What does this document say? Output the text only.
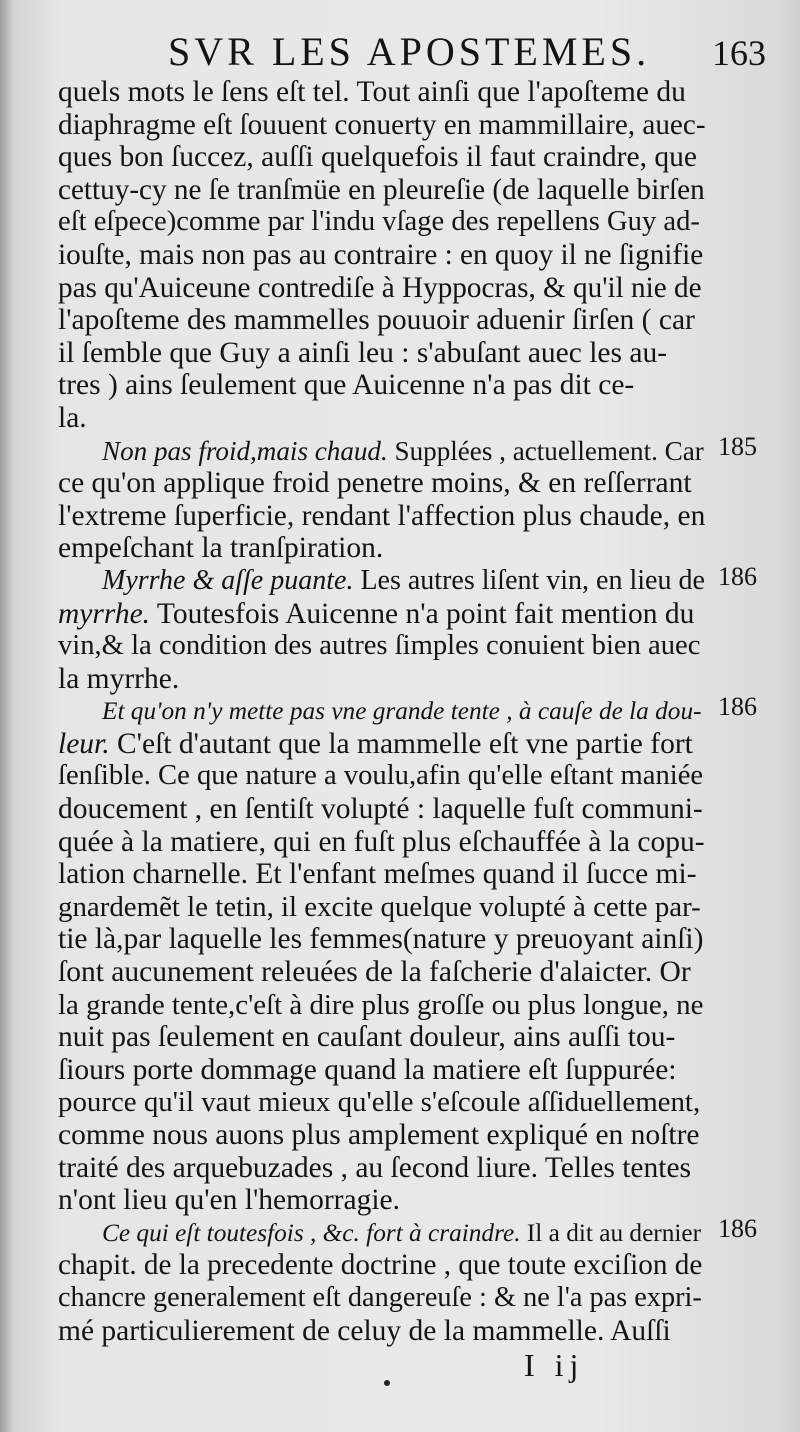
SVR LES APOSTEMES. 163
quels mots le ſens eſt tel. Tout ainſi que l'apoſteme du
diaphragme eſt ſouuent conuerty en mammillaire, auec-
ques bon ſuccez, auſſi quelquefois il faut craindre, que
cettuy-cy ne ſe tranſmüe en pleureſie (de laquelle birſen
eſt eſpece)comme par l'indu vſage des repellens Guy ad-
iouſte, mais non pas au contraire : en quoy il ne ſignifie
pas qu'Auiceune contrediſe à Hyppocras, & qu'il nie de
l'apoſteme des mammelles pouuoir aduenir ſirſen ( car
il ſemble que Guy a ainſi leu : s'abuſant auec les au-
tres ) ains ſeulement que Auicenne n'a pas dit ce-
la.
Non pas froid,mais chaud. Supplées , actuellement. Car
ce qu'on applique froid penetre moins, & en reſſerrant
l'extreme ſuperficie, rendant l'affection plus chaude, en
empeſchant la tranſpiration.
Myrrhe & aſſe puante. Les autres liſent vin, en lieu de
myrrhe. Toutesfois Auicenne n'a point fait mention du
vin,& la condition des autres ſimples conuient bien auec
la myrrhe.
Et qu'on n'y mette pas vne grande tente , à cauſe de la dou-
leur. C'eſt d'autant que la mammelle eſt vne partie fort
ſenſible. Ce que nature a voulu,afin qu'elle eſtant maniée
doucement , en ſentiſt volupté : laquelle fuſt communi-
quée à la matiere, qui en fuſt plus eſchauffée à la copu-
lation charnelle. Et l'enfant meſmes quand il ſucce mi-
gnardemẽt le tetin, il excite quelque volupté à cette par-
tie là,par laquelle les femmes(nature y preuoyant ainſi)
ſont aucunement releuées de la faſcherie d'alaicter. Or
la grande tente,c'eſt à dire plus groſſe ou plus longue, ne
nuit pas ſeulement en cauſant douleur, ains auſſi tou-
ſiours porte dommage quand la matiere eſt ſuppurée:
pource qu'il vaut mieux qu'elle s'eſcoule aſſiduellement,
comme nous auons plus amplement expliqué en noſtre
traité des arquebuzades , au ſecond liure. Telles tentes
n'ont lieu qu'en l'hemorragie.
Ce qui eſt toutesfois , &c. fort à craindre. Il a dit au dernier
chapit. de la precedente doctrine , que toute exciſion de
chancre generalement eſt dangereuſe : & ne l'a pas expri-
mé particulierement de celuy de la mammelle. Auſſi
185
186
186
186
I ij
